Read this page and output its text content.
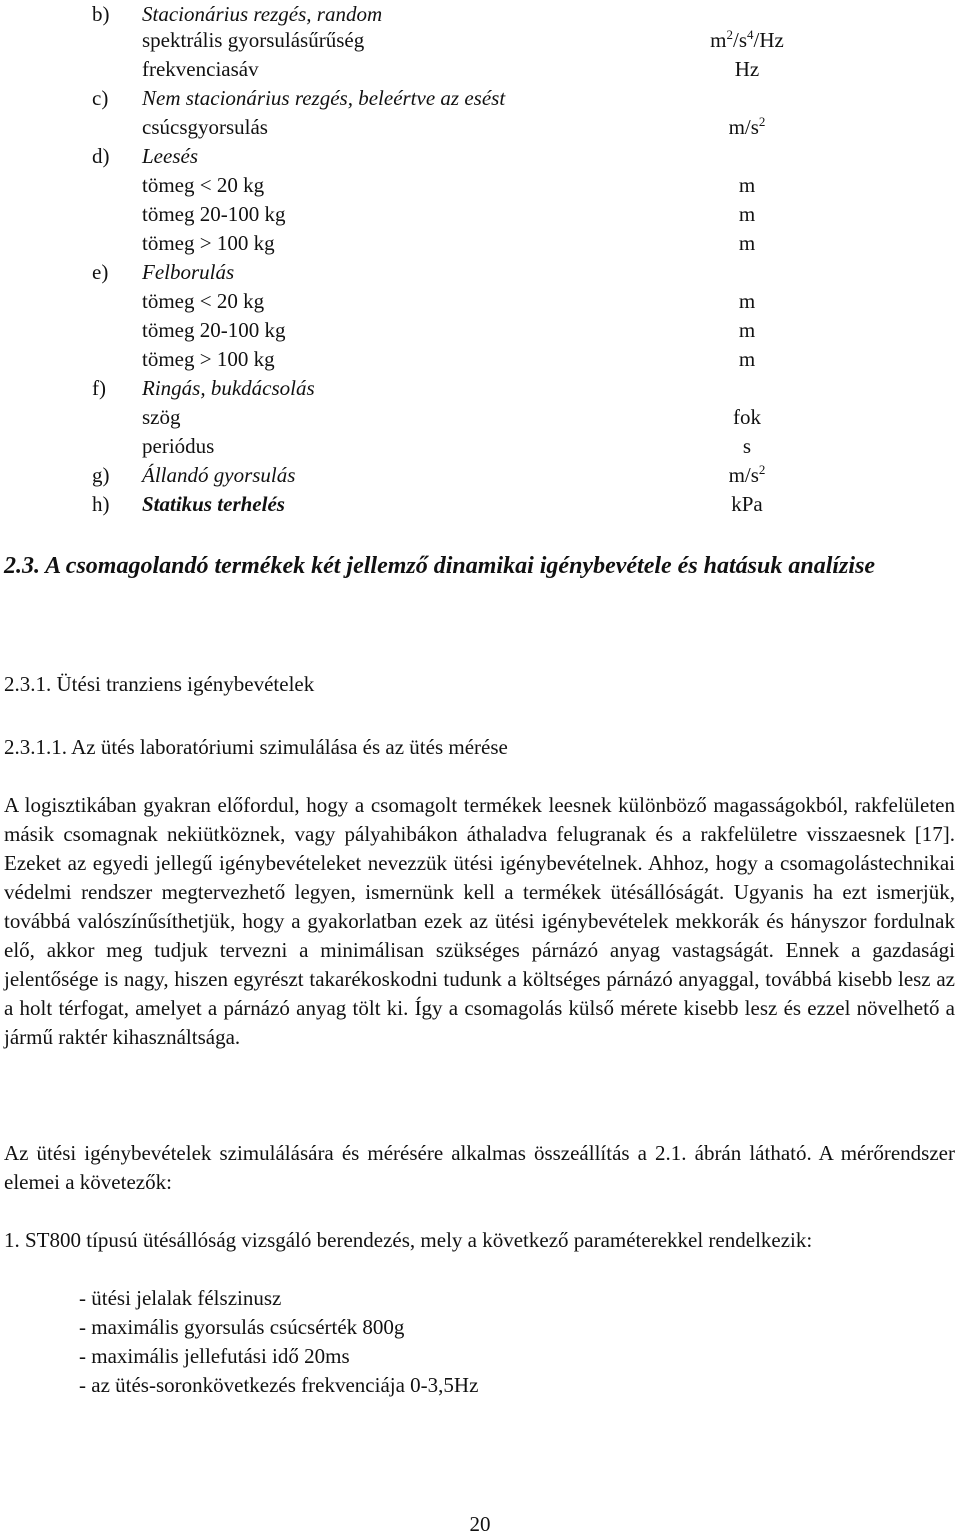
b) Stacionárius rezgés, random
spektrális gyorsulásűrűség	$m^2/s^4/Hz$
frekvenciasáv	Hz
c) Nem stacionárius rezgés, beleértve az esést
csúcsgyorsulás	$m/s^2$
d) Leesés
tömeg < 20 kg	m
tömeg 20-100 kg	m
tömeg > 100 kg	m
e) Felborulás
tömeg < 20 kg	m
tömeg 20-100 kg	m
tömeg > 100 kg	m
f) Ringás, bukdácsolás
szög	fok
periódus	s
g) Állandó gyorsulás	$m/s^2$
h) Statikus terhelés	kPa
2.3. A csomagolandó termékek két jellemző dinamikai igénybevétele és hatásuk analízise
2.3.1. Ütési tranziens igénybevételek
2.3.1.1. Az ütés laboratóriumi szimulálása és az ütés mérése
A logisztikában gyakran előfordul, hogy a csomagolt termékek leesnek különböző magasságokból, rakfelületen másik csomagnak nekiütköznek, vagy pályahibákon áthaladva felugranak és a rakfelületre visszaesnek [17]. Ezeket az egyedi jellegű igénybevételeket nevezzük ütési igénybevételnek. Ahhoz, hogy a csomagolástechnikai védelmi rendszer megtervezhető legyen, ismernünk kell a termékek ütésállóságát. Ugyanis ha ezt ismerjük, továbbá valószínűsíthetjük, hogy a gyakorlatban ezek az ütési igénybevételek mekkorák és hányszor fordulnak elő, akkor meg tudjuk tervezni a minimálisan szükséges párnázó anyag vastagságát. Ennek a gazdasági jelentősége is nagy, hiszen egyrészt takarékoskodni tudunk a költséges párnázó anyaggal, továbbá kisebb lesz az a holt térfogat, amelyet a párnázó anyag tölt ki. Így a csomagolás külső mérete kisebb lesz és ezzel növelhető a jármű raktér kihasználtsága.
Az ütési igénybevételek szimulálására és mérésére alkalmas összeállítás a 2.1. ábrán látható. A mérőrendszer elemei a követezők:
1. ST800 típusú ütésállóság vizsgáló berendezés, mely a következő paraméterekkel rendelkezik:
- ütési jelalak félszinusz
- maximális gyorsulás csúcsérték 800g
- maximális jellefutási idő 20ms
- az ütés-soronkövetkezés frekvenciája 0-3,5Hz
20
